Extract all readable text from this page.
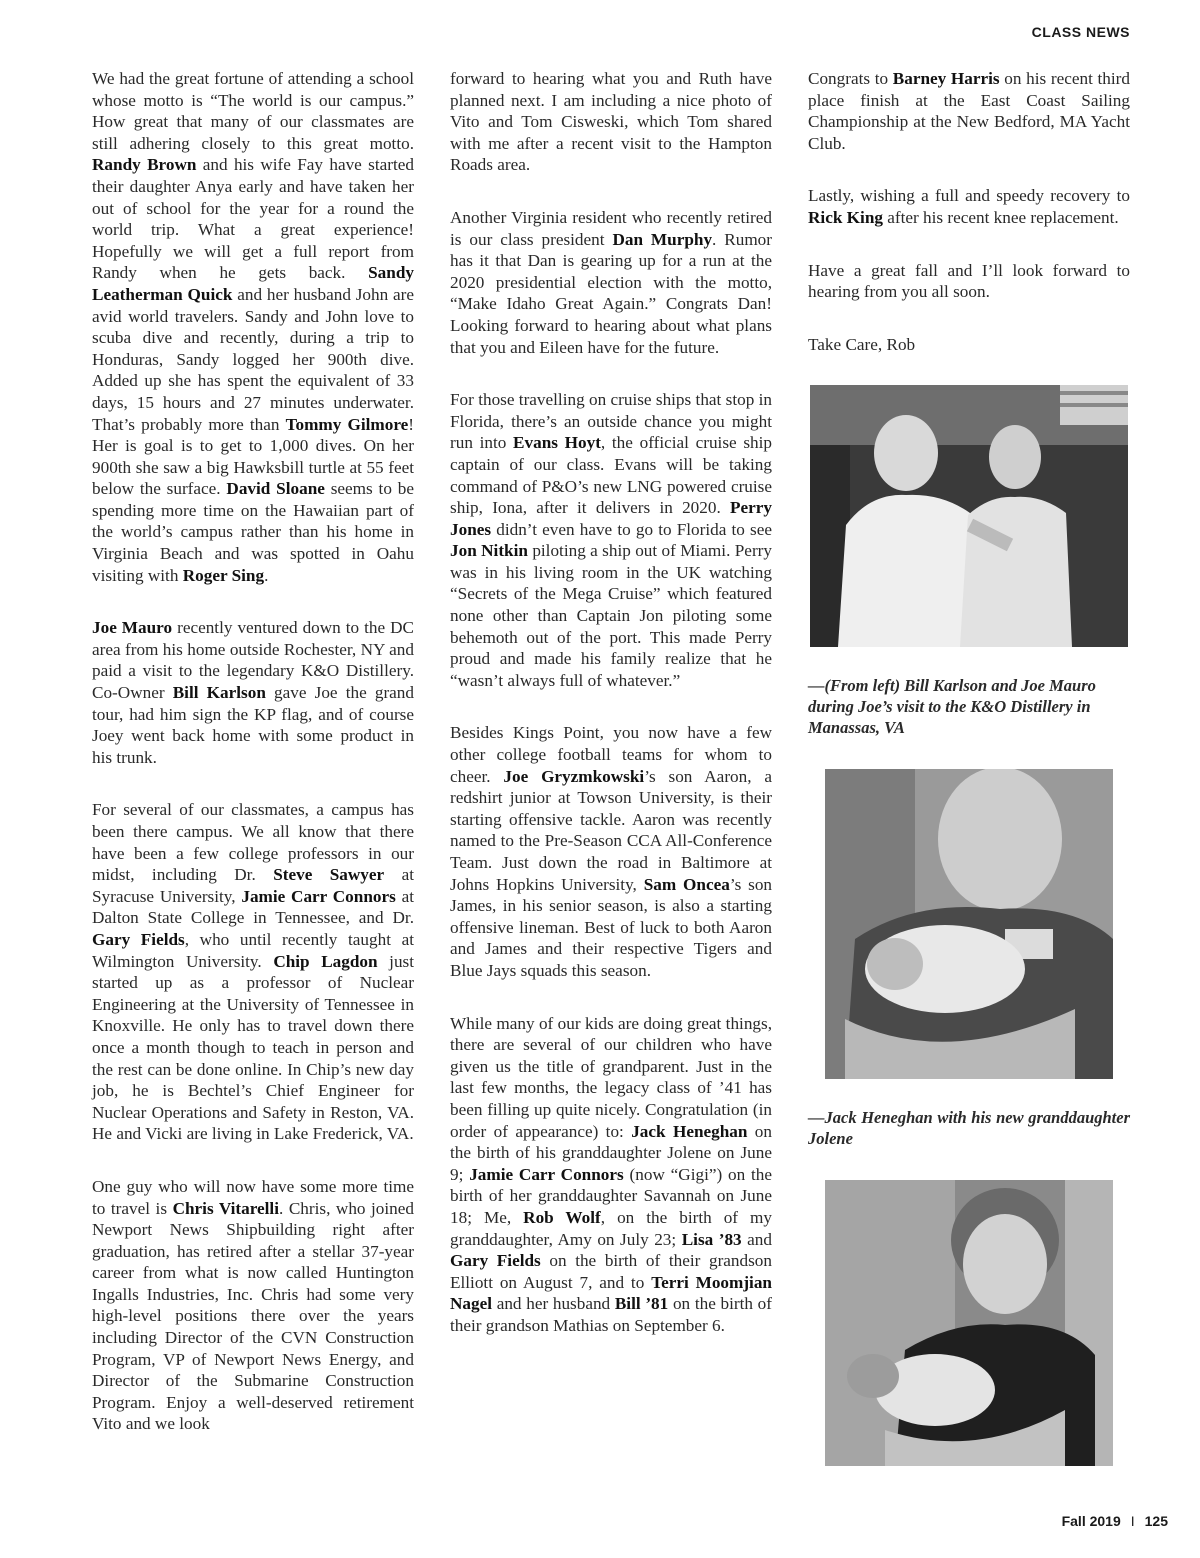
CLASS NEWS

We had the great fortune of attending a school whose motto is “The world is our campus.” How great that many of our classmates are still adhering closely to this great motto. Randy Brown and his wife Fay have started their daughter Anya early and have taken her out of school for the year for a round the world trip. What a great experience! Hopefully we will get a full report from Randy when he gets back. Sandy Leatherman Quick and her husband John are avid world travelers. Sandy and John love to scuba dive and recently, during a trip to Honduras, Sandy logged her 900th dive. Added up she has spent the equivalent of 33 days, 15 hours and 27 minutes underwater. That’s probably more than Tommy Gilmore! Her is goal is to get to 1,000 dives. On her 900th she saw a big Hawksbill turtle at 55 feet below the surface. David Sloane seems to be spending more time on the Hawaiian part of the world’s campus rather than his home in Virginia Beach and was spotted in Oahu visiting with Roger Sing.

Joe Mauro recently ventured down to the DC area from his home outside Rochester, NY and paid a visit to the legendary K&O Distillery. Co-Owner Bill Karlson gave Joe the grand tour, had him sign the KP flag, and of course Joey went back home with some product in his trunk.

For several of our classmates, a campus has been there campus. We all know that there have been a few college professors in our midst, including Dr. Steve Sawyer at Syracuse University, Jamie Carr Connors at Dalton State College in Tennessee, and Dr. Gary Fields, who until recently taught at Wilmington University. Chip Lagdon just started up as a professor of Nuclear Engineering at the University of Tennessee in Knoxville. He only has to travel down there once a month though to teach in person and the rest can be done online. In Chip’s new day job, he is Bechtel’s Chief Engineer for Nuclear Operations and Safety in Reston, VA. He and Vicki are living in Lake Frederick, VA.

One guy who will now have some more time to travel is Chris Vitarelli. Chris, who joined Newport News Shipbuilding right after graduation, has retired after a stellar 37-year career from what is now called Huntington Ingalls Industries, Inc. Chris had some very high-level positions there over the years including Director of the CVN Construction Program, VP of Newport News Energy, and Director of the Submarine Construction Program. Enjoy a well-deserved retirement Vito and we look

forward to hearing what you and Ruth have planned next. I am including a nice photo of Vito and Tom Cisweski, which Tom shared with me after a recent visit to the Hampton Roads area.

Another Virginia resident who recently retired is our class president Dan Murphy. Rumor has it that Dan is gearing up for a run at the 2020 presidential election with the motto, “Make Idaho Great Again.” Congrats Dan! Looking forward to hearing about what plans that you and Eileen have for the future.

For those travelling on cruise ships that stop in Florida, there’s an outside chance you might run into Evans Hoyt, the official cruise ship captain of our class. Evans will be taking command of P&O’s new LNG powered cruise ship, Iona, after it delivers in 2020. Perry Jones didn’t even have to go to Florida to see Jon Nitkin piloting a ship out of Miami. Perry was in his living room in the UK watching “Secrets of the Mega Cruise” which featured none other than Captain Jon piloting some behemoth out of the port. This made Perry proud and made his family realize that he “wasn’t always full of whatever.”

Besides Kings Point, you now have a few other college football teams for whom to cheer. Joe Gryzmkowski’s son Aaron, a redshirt junior at Towson University, is their starting offensive tackle. Aaron was recently named to the Pre-Season CCA All-Conference Team. Just down the road in Baltimore at Johns Hopkins University, Sam Oncea’s son James, in his senior season, is also a starting offensive lineman. Best of luck to both Aaron and James and their respective Tigers and Blue Jays squads this season.

While many of our kids are doing great things, there are several of our children who have given us the title of grandparent. Just in the last few months, the legacy class of ’41 has been filling up quite nicely. Congratulation (in order of appearance) to: Jack Heneghan on the birth of his granddaughter Jolene on June 9; Jamie Carr Connors (now “Gigi”) on the birth of her granddaughter Savannah on June 18; Me, Rob Wolf, on the birth of my granddaughter, Amy on July 23; Lisa ’83 and Gary Fields on the birth of their grandson Elliott on August 7, and to Terri Moomjian Nagel and her husband Bill ’81 on the birth of their grandson Mathias on September 6.

Congrats to Barney Harris on his recent third place finish at the East Coast Sailing Championship at the New Bedford, MA Yacht Club.

Lastly, wishing a full and speedy recovery to Rick King after his recent knee replacement.

Have a great fall and I’ll look forward to hearing from you all soon.

Take Care, Rob

—(From left) Bill Karlson and Joe Mauro during Joe’s visit to the K&O Distillery in Manassas, VA

—Jack Heneghan with his new granddaughter Jolene

Fall 2019 I 125
